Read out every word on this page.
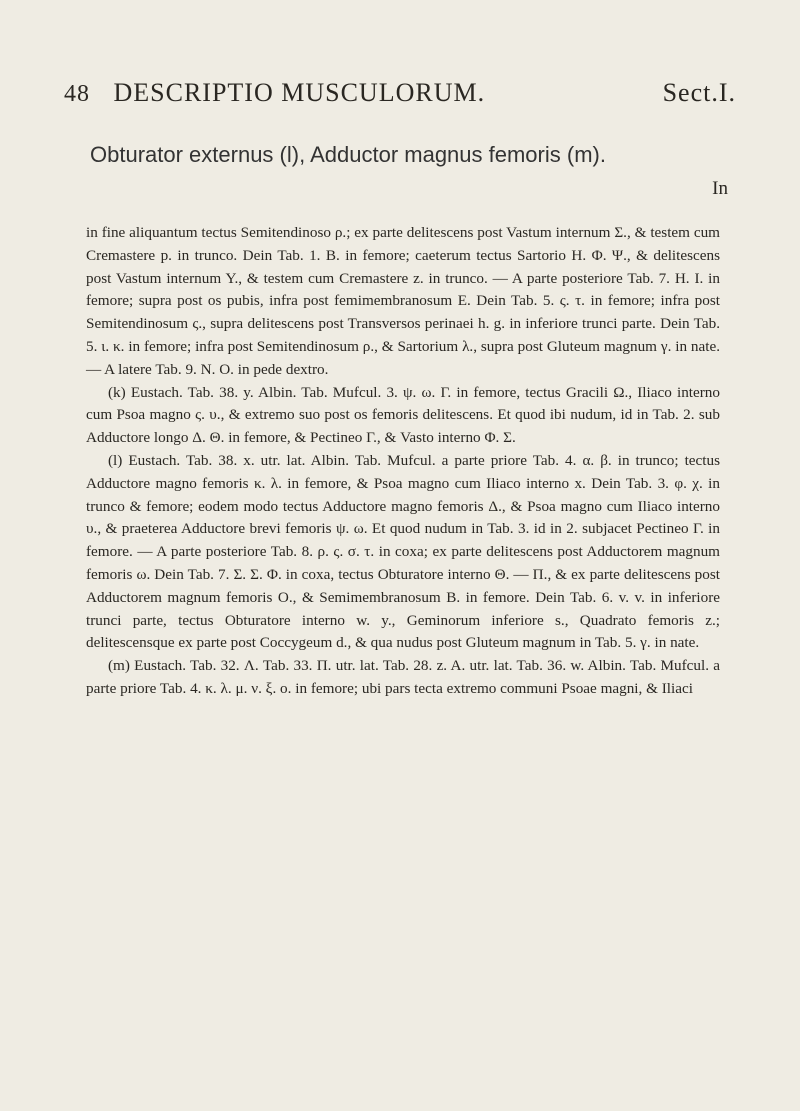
48 DESCRIPTIO MUSCULORUM.	Sect.I.
Obturator externus (l), Adductor magnus femoris (m).
In

in fine aliquantum tectus Semitendinoso ρ.; ex parte delitescens post Vastum internum Σ., & testem cum Cremastere p. in trunco. Dein Tab. 1. B. in femore; caeterum tectus Sartorio H. Φ. Ψ., & delitescens post Vastum internum Y., & testem cum Cremastere z. in trunco. — A parte posteriore Tab. 7. H. I. in femore; supra post os pubis, infra post femimembranosum E. Dein Tab. 5. ς. τ. in femore; infra post Semitendinosum ς., supra delitescens post Transversos perinaei h. g. in inferiore trunci parte. Dein Tab. 5. ι. κ. in femore; infra post Semitendinosum ρ., & Sartorium λ., supra post Gluteum magnum γ. in nate. — A latere Tab. 9. N. O. in pede dextro.

(k) Eustach. Tab. 38. y. Albin. Tab. Mufcul. 3. ψ. ω. Γ. in femore, tectus Gracili Ω., Iliaco interno cum Psoa magno ς. υ., & extremo suo post os femoris delitescens. Et quod ibi nudum, id in Tab. 2. sub Adductore longo Δ. Θ. in femore, & Pectineo Γ., & Vasto interno Φ. Σ.

(l) Eustach. Tab. 38. x. utr. lat. Albin. Tab. Mufcul. a parte priore Tab. 4. α. β. in trunco; tectus Adductore magno femoris κ. λ. in femore, & Psoa magno cum Iliaco interno x. Dein Tab. 3. φ. χ. in trunco & femore; eodem modo tectus Adductore magno femoris Δ., & Psoa magno cum Iliaco interno υ., & praeterea Adductore brevi femoris ψ. ω. Et quod nudum in Tab. 3. id in 2. subjacet Pectineo Γ. in femore. — A parte posteriore Tab. 8. ρ. ς. σ. τ. in coxa; ex parte delitescens post Adductorem magnum femoris ω. Dein Tab. 7. Σ. Σ. Φ. in coxa, tectus Obturatore interno Θ. — Π., & ex parte delitescens post Adductorem magnum femoris O., & Semimembranosum B. in femore. Dein Tab. 6. v. v. in inferiore trunci parte, tectus Obturatore interno w. y., Geminorum inferiore s., Quadrato femoris z.; delitescensque ex parte post Coccygeum d., & qua nudus post Gluteum magnum in Tab. 5. γ. in nate.

(m) Eustach. Tab. 32. Λ. Tab. 33. Π. utr. lat. Tab. 28. z. A. utr. lat. Tab. 36. w. Albin. Tab. Mufcul. a parte priore Tab. 4. κ. λ. μ. ν. ξ. ο. in femore; ubi pars tecta extremo communi Psoae magni, & Iliaci
